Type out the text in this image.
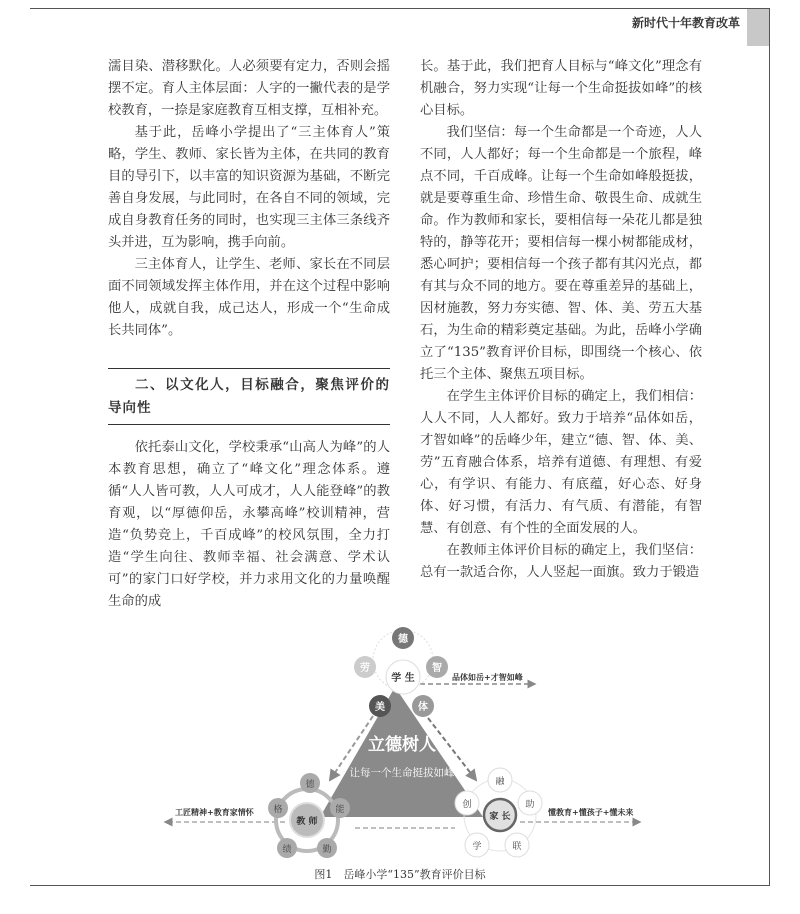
新时代十年教育改革

濡目染、潜移默化。人必须要有定力，否则会摇摆不定。育人主体层面：人字的一撇代表的是学校教育，一捺是家庭教育互相支撑，互相补充。

基于此，岳峰小学提出了“三主体育人”策略，学生、教师、家长皆为主体，在共同的教育目的导引下，以丰富的知识资源为基础，不断完善自身发展，与此同时，在各自不同的领域，完成自身教育任务的同时，也实现三主体三条线齐头并进，互为影响，携手向前。

三主体育人，让学生、老师、家长在不同层面不同领域发挥主体作用，并在这个过程中影响他人，成就自我，成己达人，形成一个“生命成长共同体”。

二、以文化人，目标融合，聚焦评价的导向性

依托泰山文化，学校秉承“山高人为峰”的人本教育思想，确立了“峰文化”理念体系。遵循“人人皆可教，人人可成才，人人能登峰”的教育观，以“厚德仰岳，永攀高峰”校训精神，营造“负势竞上，千百成峰”的校风氛围，全力打造“学生向往、教师幸福、社会满意、学术认可”的家门口好学校，并力求用文化的力量唤醒生命的成

长。基于此，我们把育人目标与“峰文化”理念有机融合，努力实现“让每一个生命挺拔如峰”的核心目标。

我们坚信：每一个生命都是一个奇迹，人人不同，人人都好；每一个生命都是一个旅程，峰点不同，千百成峰。让每一个生命如峰般挺拔，就是要尊重生命、珍惜生命、敬畏生命、成就生命。作为教师和家长，要相信每一朵花儿都是独特的，静等花开；要相信每一棵小树都能成材，悉心呵护；要相信每一个孩子都有其闪光点，都有其与众不同的地方。要在尊重差异的基础上，因材施教，努力夯实德、智、体、美、劳五大基石，为生命的精彩奠定基础。为此，岳峰小学确立了“135”教育评价目标，即围绕一个核心、依托三个主体、聚焦五项目标。

在学生主体评价目标的确定上，我们相信：人人不同，人人都好。致力于培养“品体如岳，才智如峰”的岳峰少年，建立“德、智、体、美、劳”五育融合体系，培养有道德、有理想、有爱心，有学识、有能力、有底蕴，好心态、好身体、好习惯，有活力、有气质、有潜能，有智慧、有创意、有个性的全面发展的人。

在教师主体评价目标的确定上，我们坚信：总有一款适合你，人人竖起一面旗。致力于锻造

立德树人
让每一个生命挺拔如峰
德
智
体
美
劳
学 生	品体如岳+才智如峰
德
能
勤
绩
格
教 师
工匠精神+教育家情怀
融
助
联
学
创
家 长	懂教育+懂孩子+懂未来
图1　岳峰小学“135”教育评价目标
